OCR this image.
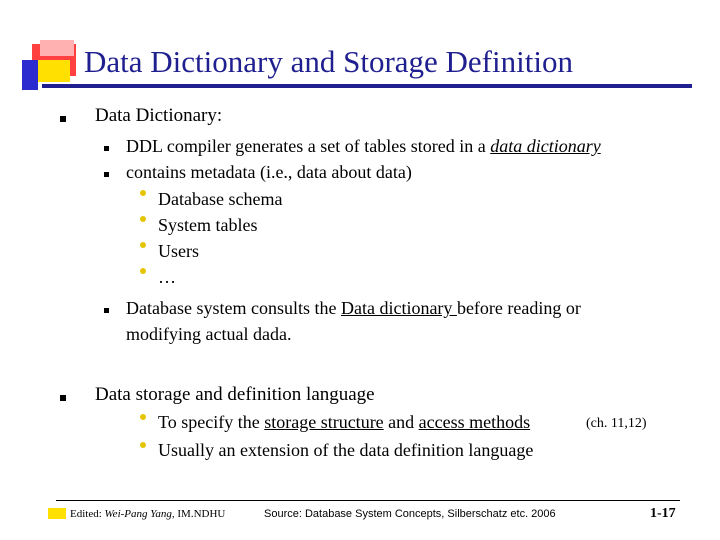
Data Dictionary and Storage Definition
Data Dictionary:
DDL compiler generates a set of tables stored in a data dictionary
contains metadata (i.e., data about data)
Database schema
System tables
Users
…
Database system consults the Data dictionary before reading or
modifying actual dada.
Data storage and definition language
To specify the storage structure and access methods	(ch. 11,12)
Usually an extension of the data definition language
Edited: Wei-Pang Yang, IM.NDHU	Source: Database System Concepts, Silberschatz etc. 2006	1-17
